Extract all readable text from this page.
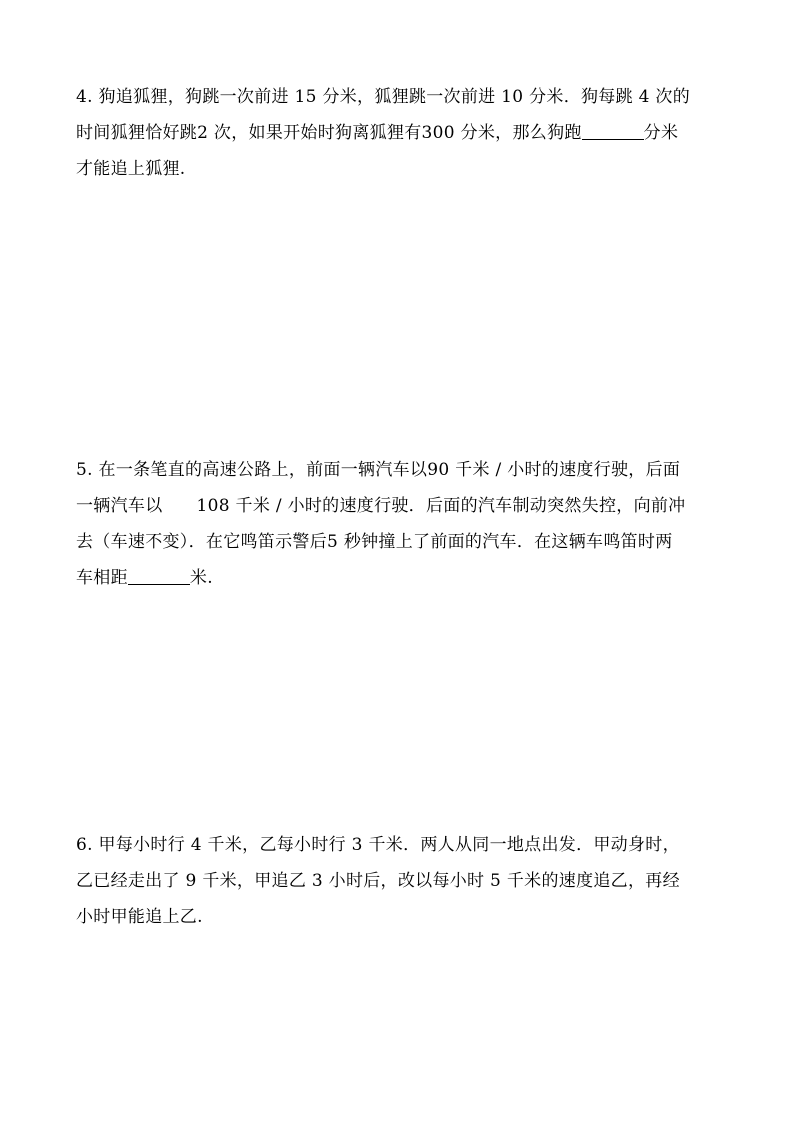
4. 狗追狐狸，狗跳一次前进 15 分米，狐狸跳一次前进 10 分米．狗每跳 4 次的
时间狐狸恰好跳2 次，如果开始时狗离狐狸有300 分米，那么狗跑	分米
才能追上狐狸.
5. 在一条笔直的高速公路上，前面一辆汽车以90 千米 / 小时的速度行驶，后面
一辆汽车以 108 千米 / 小时的速度行驶．后面的汽车制动突然失控，向前冲
去（车速不变）．在它鸣笛示警后5 秒钟撞上了前面的汽车．在这辆车鸣笛时两
车相距	米.
6. 甲每小时行 4 千米，乙每小时行 3 千米．两人从同一地点出发．甲动身时，
乙已经走出了 9 千米，甲追乙 3 小时后，改以每小时 5 千米的速度追乙，再经
小时甲能追上乙.
